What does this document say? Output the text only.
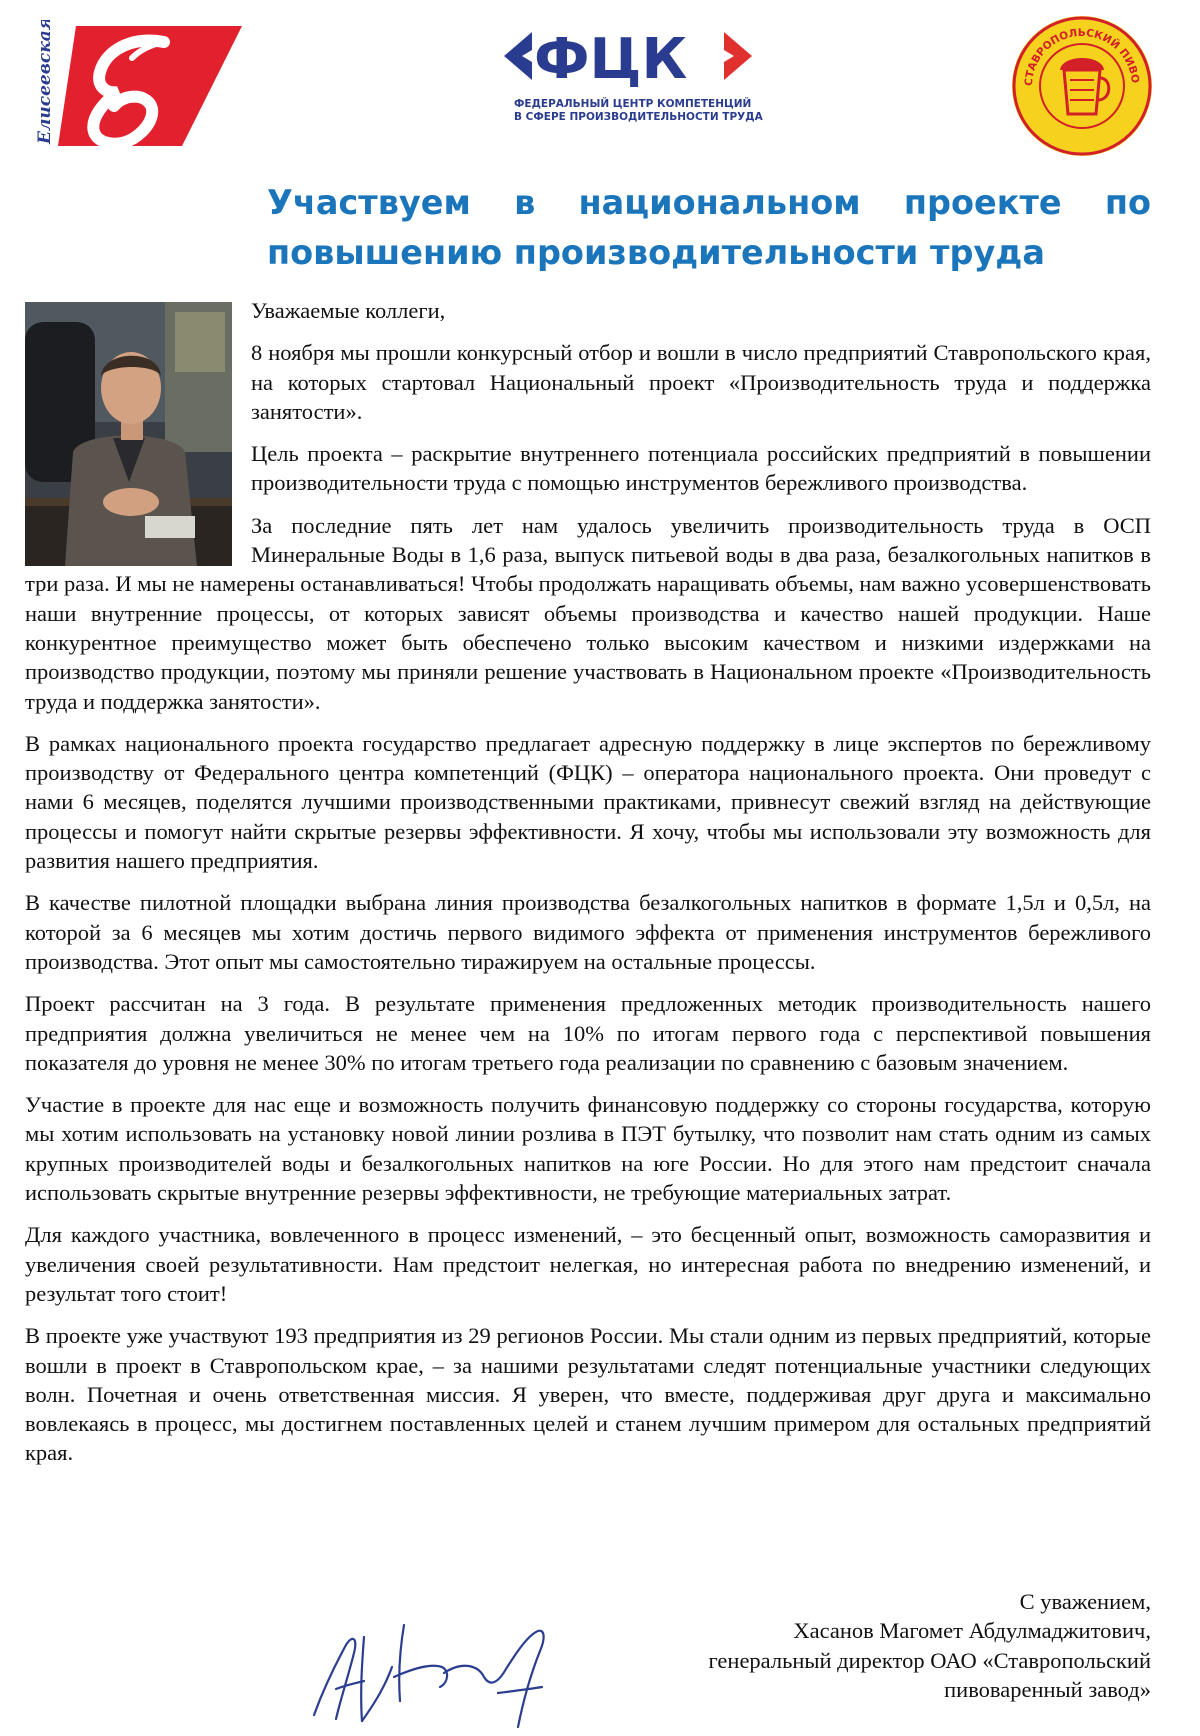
Елисеевская	ФЦК
ФЕДЕРАЛЬНЫЙ ЦЕНТР КОМПЕТЕНЦИЙ
В СФЕРЕ ПРОИЗВОДИТЕЛЬНОСТИ ТРУДА
СТАВРОПОЛЬСКИЙ ПИВО
Участвуем в национальном проекте по
повышению производительности труда

Уважаемые коллеги,

8 ноября мы прошли конкурсный отбор и вошли в число предприятий Ставропольского края, на которых стартовал Национальный проект «Производительность труда и поддержка занятости».

Цель проекта – раскрытие внутреннего потенциала российских предприятий в повышении производительности труда с помощью инструментов бережливого производства.

За последние пять лет нам удалось увеличить производительность труда в ОСП Минеральные Воды в 1,6 раза, выпуск питьевой воды в два раза, безалкогольных напитков в три раза. И мы не намерены останавливаться! Чтобы продолжать наращивать объемы, нам важно усовершенствовать наши внутренние процессы, от которых зависят объемы производства и качество нашей продукции. Наше конкурентное преимущество может быть обеспечено только высоким качеством и низкими издержками на производство продукции, поэтому мы приняли решение участвовать в Национальном проекте «Производительность труда и поддержка занятости».

В рамках национального проекта государство предлагает адресную поддержку в лице экспертов по бережливому производству от Федерального центра компетенций (ФЦК) – оператора национального проекта. Они проведут с нами 6 месяцев, поделятся лучшими производственными практиками, привнесут свежий взгляд на действующие процессы и помогут найти скрытые резервы эффективности. Я хочу, чтобы мы использовали эту возможность для развития нашего предприятия.

В качестве пилотной площадки выбрана линия производства безалкогольных напитков в формате 1,5л и 0,5л, на которой за 6 месяцев мы хотим достичь первого видимого эффекта от применения инструментов бережливого производства. Этот опыт мы самостоятельно тиражируем на остальные процессы.

Проект рассчитан на 3 года. В результате применения предложенных методик производительность нашего предприятия должна увеличиться не менее чем на 10% по итогам первого года с перспективой повышения показателя до уровня не менее 30% по итогам третьего года реализации по сравнению с базовым значением.

Участие в проекте для нас еще и возможность получить финансовую поддержку со стороны государства, которую мы хотим использовать на установку новой линии розлива в ПЭТ бутылку, что позволит нам стать одним из самых крупных производителей воды и безалкогольных напитков на юге России. Но для этого нам предстоит сначала использовать скрытые внутренние резервы эффективности, не требующие материальных затрат.

Для каждого участника, вовлеченного в процесс изменений, – это бесценный опыт, возможность саморазвития и увеличения своей результативности. Нам предстоит нелегкая, но интересная работа по внедрению изменений, и результат того стоит!

В проекте уже участвуют 193 предприятия из 29 регионов России. Мы стали одним из первых предприятий, которые вошли в проект в Ставропольском крае, – за нашими результатами следят потенциальные участники следующих волн. Почетная и очень ответственная миссия. Я уверен, что вместе, поддерживая друг друга и максимально вовлекаясь в процесс, мы достигнем поставленных целей и станем лучшим примером для остальных предприятий края.

С уважением,
Хасанов Магомет Абдулмаджитович,
генеральный директор ОАО «Ставропольский
пивоваренный завод»
